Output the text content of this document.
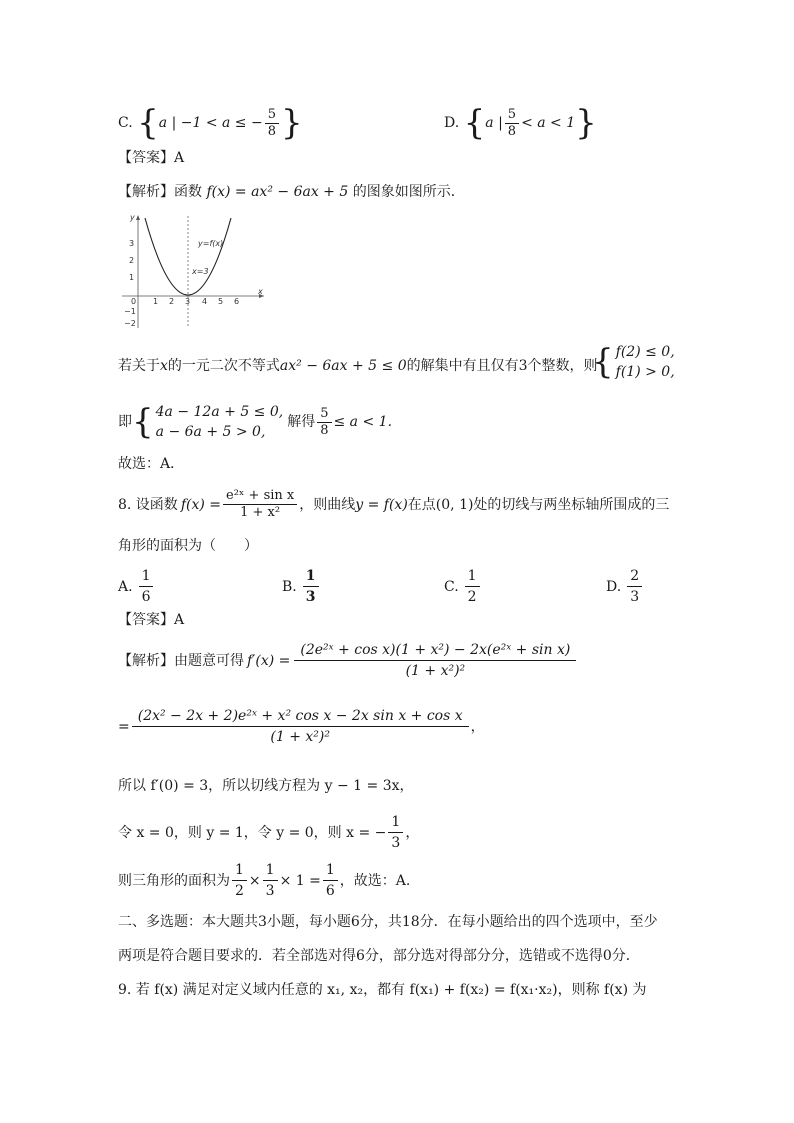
C. {a | −1 < a ≤ − $\frac{5}{8}$ }	D. {a | $\frac{5}{8} < a < 1$}
【答案】A
【解析】函数 f(x) = ax² − 6ax + 5 的图象如图所示．
y
x
0 1 2 3 4 5 6
3
2
1
−1
−2
x=3
y=f(x)
若关于x的一元二次不等式ax² − 6ax + 5 ≤ 0的解集中有且仅有3个整数，则
{ f(2) ≤ 0,
f(1) > 0,
即 { 4a − 12a + 5 ≤ 0,
a − 6a + 5 > 0,
解得 $\frac{5}{8} \le a < 1$.
故选：A．
8. 设函数 $f(x) = \frac{\text{e²ˣ + sin x}}{\text{1 + x²}}$ ，则曲线 y = f(x) 在点(0, 1)处的切线与两坐标轴所围成的三
角形的面积为（　　）
A. $\frac{1}{6}$	B. $\frac{1}{3}$	C. $\frac{1}{2}$	D. $\frac{2}{3}$
【答案】A
【解析】由题意可得 $f'(x) = \frac{\text{(2e²ˣ + cos x)(1 + x²) − 2x(e²ˣ + sin x)}}{\text{(1 + x²)²}}$
= $\frac{\text{(2x² − 2x + 2)e²ˣ + x² cos x − 2x sin x + cos x}}{\text{(1 + x²)²}}$ ，
所以 f′(0) = 3，所以切线方程为 y − 1 = 3x，
令 x = 0，则 y = 1，令 y = 0，则 x = − $\frac{1}{3}$ ，
则三角形的面积为 $\frac{1}{2} \times \frac{1}{3} \times 1 = \frac{1}{6}$ ，故选：A.
二、多选题：本大题共3小题，每小题6分，共18分．在每小题给出的四个选项中，至少
两项是符合题目要求的．若全部选对得6分，部分选对得部分分，选错或不选得0分．
9. 若 f(x) 满足对定义域内任意的 x₁, x₂，都有 f(x₁) + f(x₂) = f(x₁·x₂)，则称 f(x) 为
